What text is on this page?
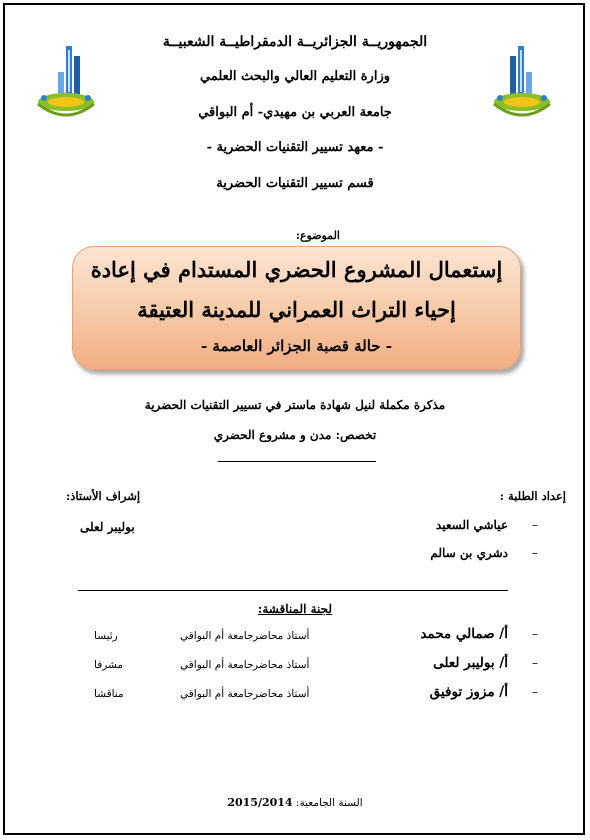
الجمهوريــة الجزائريــة الدمقراطيــة الشعبيــة
وزارة التعليم العالي والبحث العلمي
جامعة العربي بن مهيدي- أم البواقي
- معهد تسيير التقنيات الحضرية -
قسم تسيير التقنيات الحضرية
الموضوع:
إستعمال المشروع الحضري المستدام في إعادة
إحياء التراث العمراني للمدينة العتيقة
- حالة قصبة الجزائر العاصمة -
مذكرة مكملة لنيل شهادة ماستر في تسيير التقنيات الحضرية
تخصص: مدن و مشروع الحضري
إعداد الطلبة :
إشراف الأستاذ:
–
عياشي السعيد
بوليبر لعلى
–
دشري بن سالم
لجنة المناقشة:
–
أ/ صمالي محمد
أستاذ محاضر
جامعة أم البواقي
رئيسا
–
أ/ بوليبر لعلى
أستاذ محاضر
جامعة أم البواقي
مشرفا
–
أ/ مزوز توفيق
أستاذ محاضر
جامعة أم البواقي
مناقشا
السنة الجامعية: 2015/2014
